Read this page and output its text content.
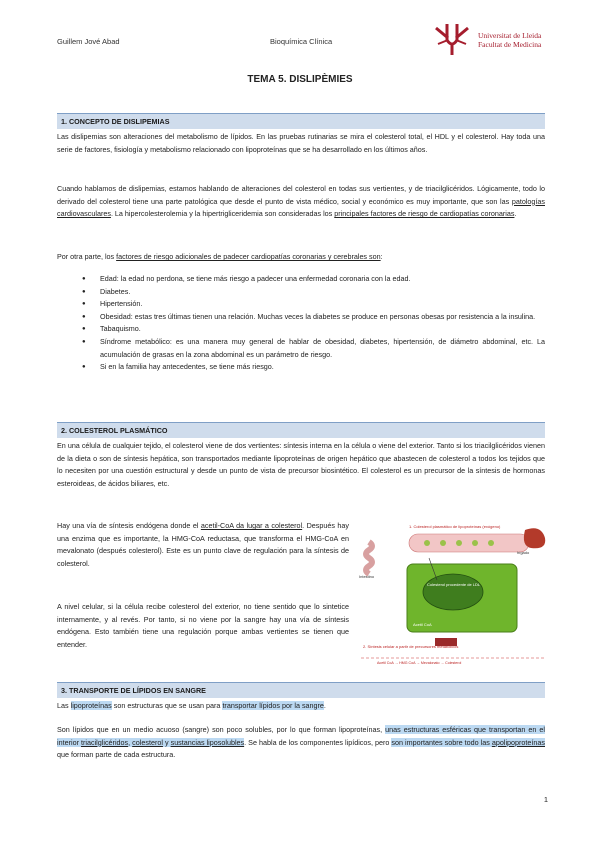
Guillem Jové Abad	Bioquímica Clínica
Universitat de Lleida
Facultat de Medicina
TEMA 5. DISLIPÈMIES
1. CONCEPTO DE DISLIPEMIAS
Las dislipemias son alteraciones del metabolismo de lípidos. En las pruebas rutinarias se mira el colesterol total, el HDL y el colesterol. Hay toda una serie de factores, fisiología y metabolismo relacionado con lipoproteínas que se ha desarrollado en los últimos años.
Cuando hablamos de dislipemias, estamos hablando de alteraciones del colesterol en todas sus vertientes, y de triacilglicéridos. Lógicamente, todo lo derivado del colesterol tiene una parte patológica que desde el punto de vista médico, social y económico es muy importante, que son las patologías cardiovasculares. La hipercolesterolemia y la hipertrigliceridemia son consideradas los principales factores de riesgo de cardiopatías coronarias.
Por otra parte, los factores de riesgo adicionales de padecer cardiopatías coronarias y cerebrales son:
● Edad: la edad no perdona, se tiene más riesgo a padecer una enfermedad coronaria con la edad.
● Diabetes.
● Hipertensión.
● Obesidad: estas tres últimas tienen una relación. Muchas veces la diabetes se produce en personas obesas por resistencia a la insulina.
● Tabaquismo.
● Síndrome metabólico: es una manera muy general de hablar de obesidad, diabetes, hipertensión, de diámetro abdominal, etc. La acumulación de grasas en la zona abdominal es un parámetro de riesgo.
● Si en la familia hay antecedentes, se tiene más riesgo.
2. COLESTEROL PLASMÁTICO
En una célula de cualquier tejido, el colesterol viene de dos vertientes: síntesis interna en la célula o viene del exterior. Tanto si los triacilglicéridos vienen de la dieta o son de síntesis hepática, son transportados mediante lipoproteínas de origen hepático que abastecen de colesterol a todos los tejidos que lo necesiten por una cuestión estructural y desde un punto de vista de precursor biosintético. El colesterol es un precursor de la síntesis de hormonas esteroideas, de ácidos biliares, etc.
Hay una vía de síntesis endógena donde el acetil-CoA da lugar a colesterol. Después hay una enzima que es importante, la HMG-CoA reductasa, que transforma el HMG-CoA en mevalonato (después colesterol). Este es un punto clave de regulación para la síntesis de colesterol.
A nivel celular, si la célula recibe colesterol del exterior, no tiene sentido que lo sintetice internamente, y al revés. Por tanto, si no viene por la sangre hay una vía de síntesis endógena. Esto también tiene una regulación porque ambas vertientes se tienen que entender.
1. Colesterol plasmático de lipoproteínas (exógeno)
Intestino
hígado
Colesterol procedente de LDL
Acetil CoA
2. Síntesis celular a partir de precursores metabólicos
Acetil CoA → HMG CoA → Mevalonato → Colesterol
3. TRANSPORTE DE LÍPIDOS EN SANGRE
Las lipoproteínas son estructuras que se usan para transportar lípidos por la sangre.
Son lípidos que en un medio acuoso (sangre) son poco solubles, por lo que forman lipoproteínas, unas estructuras esféricas que transportan en el interior triacilglicéridos, colesterol y sustancias liposolubles. Se habla de los componentes lipídicos, pero son importantes sobre todo las apolipoproteínas que forman parte de cada estructura.
1
